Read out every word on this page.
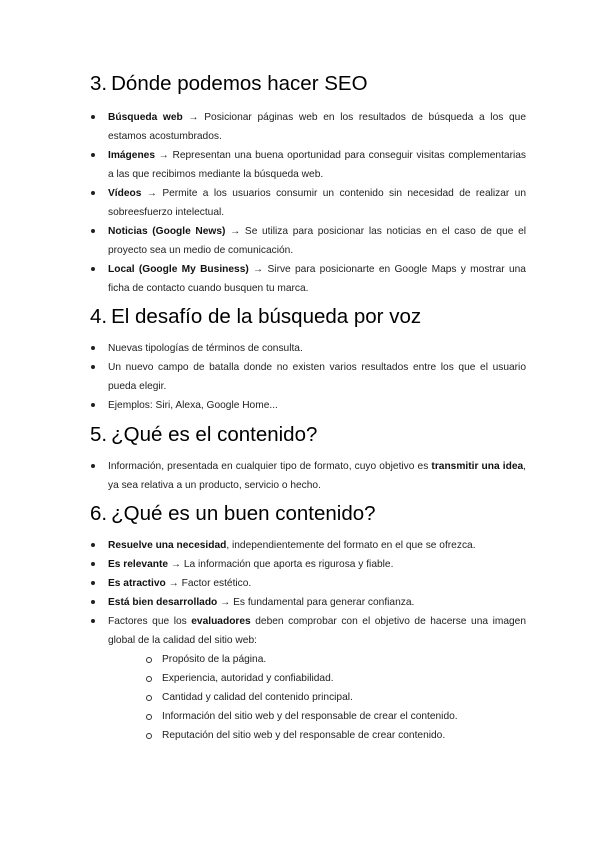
3. Dónde podemos hacer SEO
Búsqueda web → Posicionar páginas web en los resultados de búsqueda a los que estamos acostumbrados.
Imágenes → Representan una buena oportunidad para conseguir visitas complementarias a las que recibimos mediante la búsqueda web.
Vídeos → Permite a los usuarios consumir un contenido sin necesidad de realizar un sobreesfuerzo intelectual.
Noticias (Google News) → Se utiliza para posicionar las noticias en el caso de que el proyecto sea un medio de comunicación.
Local (Google My Business) → Sirve para posicionarte en Google Maps y mostrar una ficha de contacto cuando busquen tu marca.
4. El desafío de la búsqueda por voz
Nuevas tipologías de términos de consulta.
Un nuevo campo de batalla donde no existen varios resultados entre los que el usuario pueda elegir.
Ejemplos: Siri, Alexa, Google Home...
5. ¿Qué es el contenido?
Información, presentada en cualquier tipo de formato, cuyo objetivo es transmitir una idea, ya sea relativa a un producto, servicio o hecho.
6. ¿Qué es un buen contenido?
Resuelve una necesidad, independientemente del formato en el que se ofrezca.
Es relevante → La información que aporta es rigurosa y fiable.
Es atractivo → Factor estético.
Está bien desarrollado → Es fundamental para generar confianza.
Factores que los evaluadores deben comprobar con el objetivo de hacerse una imagen global de la calidad del sitio web:
Propósito de la página.
Experiencia, autoridad y confiabilidad.
Cantidad y calidad del contenido principal.
Información del sitio web y del responsable de crear el contenido.
Reputación del sitio web y del responsable de crear contenido.
